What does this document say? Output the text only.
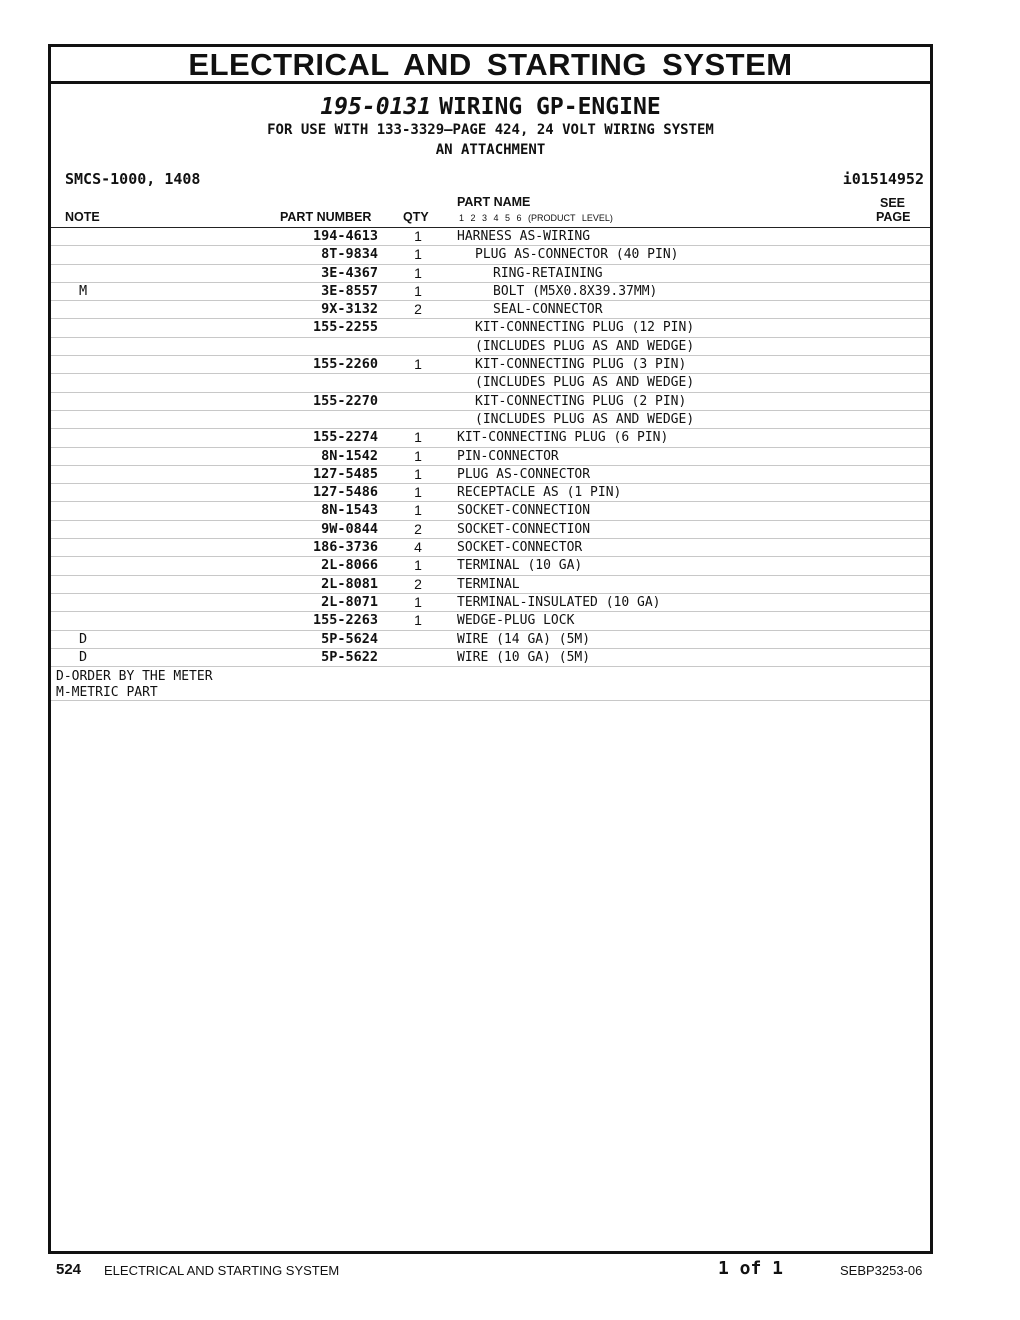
ELECTRICAL AND STARTING SYSTEM
195-0131 WIRING GP-ENGINE
FOR USE WITH 133-3329—PAGE 424, 24 VOLT WIRING SYSTEM
AN ATTACHMENT
SMCS-1000, 1408	i01514952
NOTE	PART NUMBER	QTY
PART NAME
1 2 3 4 5 6 (PRODUCT LEVEL)
SEE
PAGE
194-4613	1	HARNESS AS-WIRING
8T-9834	1	PLUG AS-CONNECTOR (40 PIN)
3E-4367	1	RING-RETAINING
M	3E-8557	1	BOLT (M5X0.8X39.37MM)
9X-3132	2	SEAL-CONNECTOR
155-2255	KIT-CONNECTING PLUG (12 PIN)
(INCLUDES PLUG AS AND WEDGE)
155-2260	1	KIT-CONNECTING PLUG (3 PIN)
(INCLUDES PLUG AS AND WEDGE)
155-2270	KIT-CONNECTING PLUG (2 PIN)
(INCLUDES PLUG AS AND WEDGE)
155-2274	1	KIT-CONNECTING PLUG (6 PIN)
8N-1542	1	PIN-CONNECTOR
127-5485	1	PLUG AS-CONNECTOR
127-5486	1	RECEPTACLE AS (1 PIN)
8N-1543	1	SOCKET-CONNECTION
9W-0844	2	SOCKET-CONNECTION
186-3736	4	SOCKET-CONNECTOR
2L-8066	1	TERMINAL (10 GA)
2L-8081	2	TERMINAL
2L-8071	1	TERMINAL-INSULATED (10 GA)
155-2263	1	WEDGE-PLUG LOCK
D	5P-5624	WIRE (14 GA) (5M)
D	5P-5622	WIRE (10 GA) (5M)
D-ORDER BY THE METER
M-METRIC PART
524 ELECTRICAL AND STARTING SYSTEM	1 of 1	SEBP3253-06
